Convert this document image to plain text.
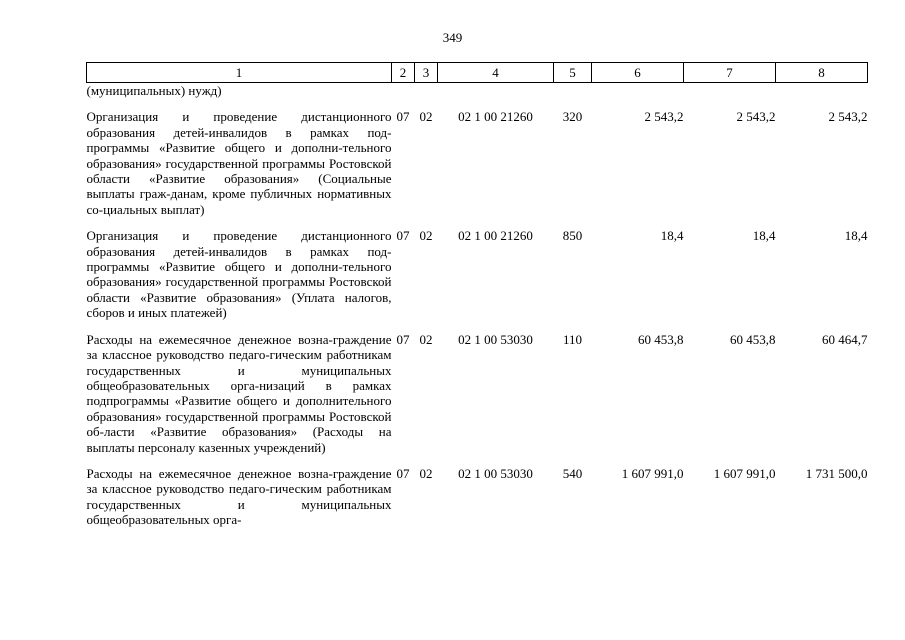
349
1	2	3	4	5	6	7	8
(муниципальных) нужд)							
Организация и проведение дистанционного образования детей-инвалидов в рамках под-программы «Развитие общего и дополни-тельного образования» государственной программы Ростовской области «Развитие образования» (Социальные выплаты граж-данам, кроме публичных нормативных со-циальных выплат)	07	02	02 1 00 21260	320	2 543,2	2 543,2	2 543,2
Организация и проведение дистанционного образования детей-инвалидов в рамках под-программы «Развитие общего и дополни-тельного образования» государственной программы Ростовской области «Развитие образования» (Уплата налогов, сборов и иных платежей)	07	02	02 1 00 21260	850	18,4	18,4	18,4
Расходы на ежемесячное денежное возна-граждение за классное руководство педаго-гическим работникам государственных и муниципальных общеобразовательных орга-низаций в рамках подпрограммы «Развитие общего и дополнительного образования» государственной программы Ростовской об-ласти «Развитие образования» (Расходы на выплаты персоналу казенных учреждений)	07	02	02 1 00 53030	110	60 453,8	60 453,8	60 464,7
Расходы на ежемесячное денежное возна-граждение за классное руководство педаго-гическим работникам государственных и муниципальных общеобразовательных орга-	07	02	02 1 00 53030	540	1 607 991,0	1 607 991,0	1 731 500,0
